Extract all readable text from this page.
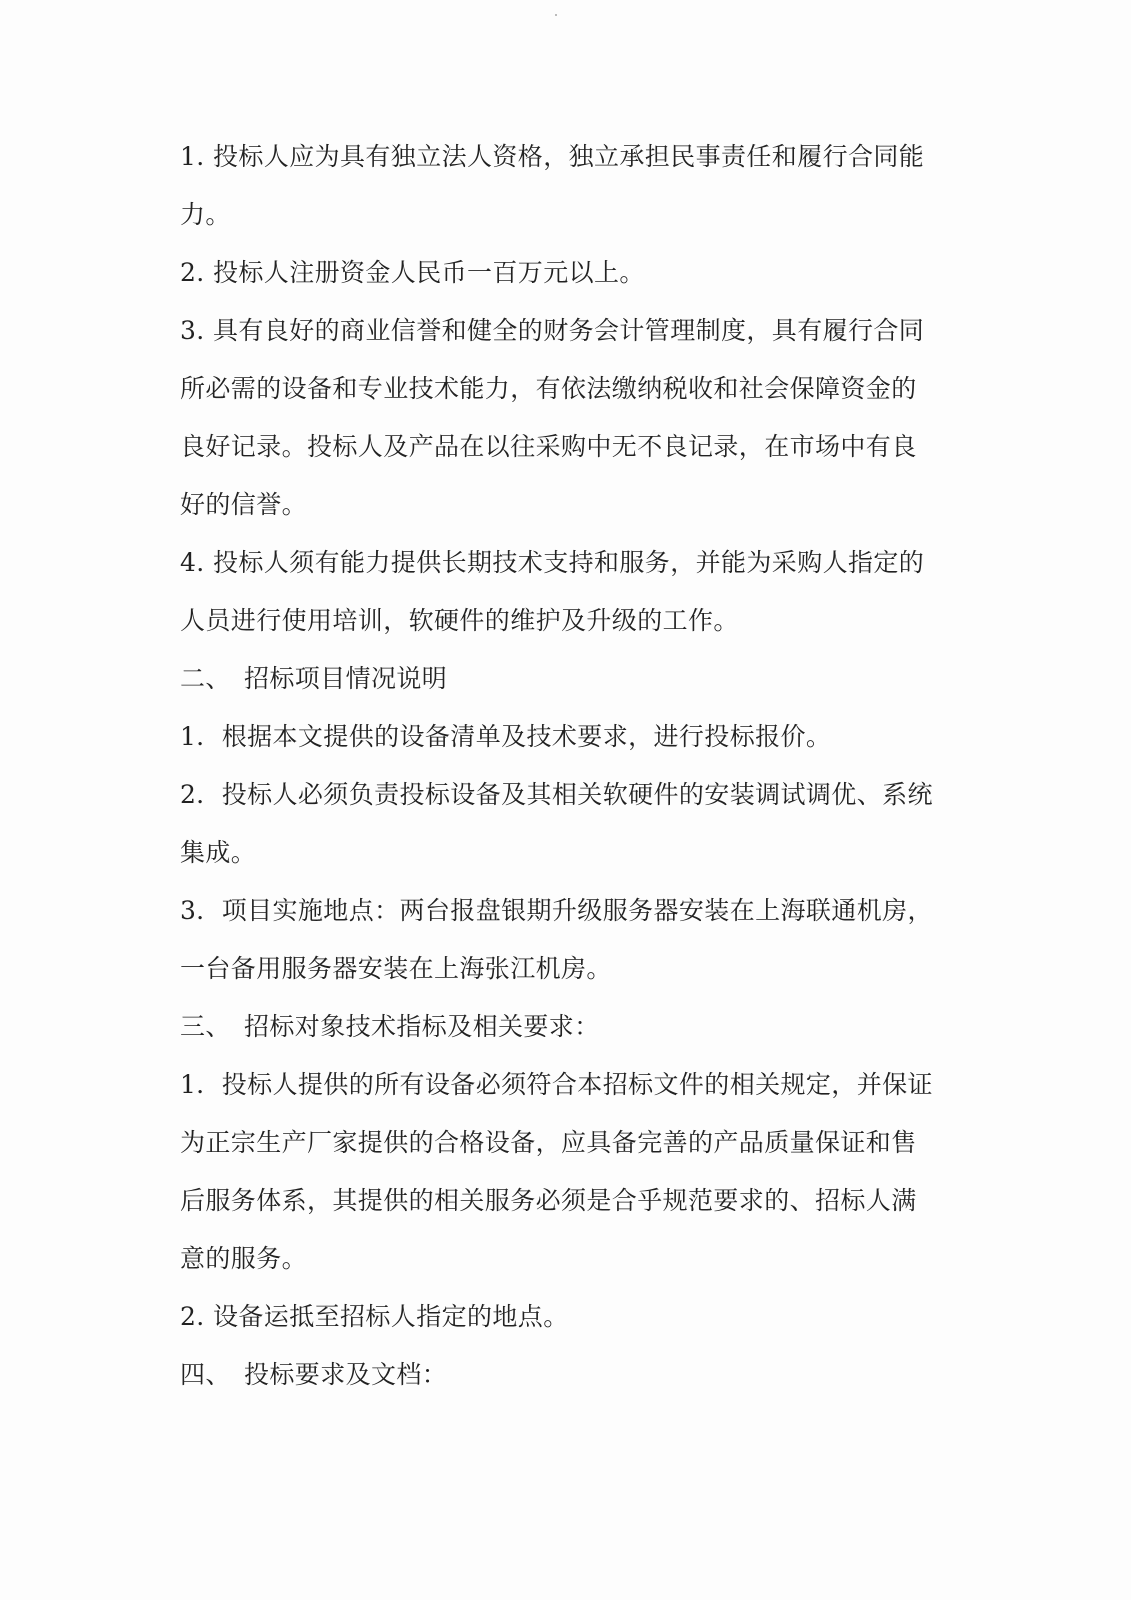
1. 投标人应为具有独立法人资格，独立承担民事责任和履行合同能
力。
2. 投标人注册资金人民币一百万元以上。
3. 具有良好的商业信誉和健全的财务会计管理制度，具有履行合同
所必需的设备和专业技术能力，有依法缴纳税收和社会保障资金的
良好记录。投标人及产品在以往采购中无不良记录，在市场中有良
好的信誉。
4. 投标人须有能力提供长期技术支持和服务，并能为采购人指定的
人员进行使用培训，软硬件的维护及升级的工作。
二、 招标项目情况说明
1．根据本文提供的设备清单及技术要求，进行投标报价。
2．投标人必须负责投标设备及其相关软硬件的安装调试调优、系统
集成。
3．项目实施地点：两台报盘银期升级服务器安装在上海联通机房，
一台备用服务器安装在上海张江机房。
三、 招标对象技术指标及相关要求：
1．投标人提供的所有设备必须符合本招标文件的相关规定，并保证
为正宗生产厂家提供的合格设备，应具备完善的产品质量保证和售
后服务体系，其提供的相关服务必须是合乎规范要求的、招标人满
意的服务。
2. 设备运抵至招标人指定的地点。
四、 投标要求及文档：
